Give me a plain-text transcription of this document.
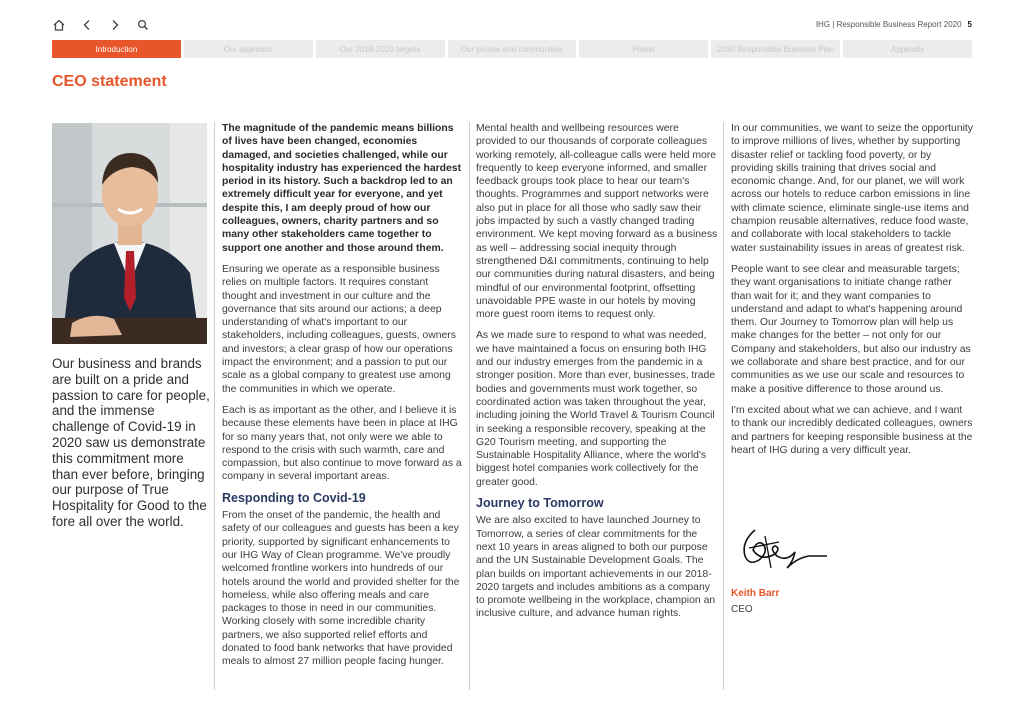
IHG | Responsible Business Report 2020 5
Introduction	Our approach	Our 2018-2020 targets	Our people and communities	Planet	2030 Responsible Business Plan	Appendix
CEO statement

Our business and brands are built on a pride and passion to care for people, and the immense challenge of Covid-19 in 2020 saw us demonstrate this commitment more than ever before, bringing our purpose of True Hospitality for Good to the fore all over the world.

The magnitude of the pandemic means billions of lives have been changed, economies damaged, and societies challenged, while our hospitality industry has experienced the hardest period in its history. Such a backdrop led to an extremely difficult year for everyone, and yet despite this, I am deeply proud of how our colleagues, owners, charity partners and so many other stakeholders came together to support one another and those around them.

Ensuring we operate as a responsible business relies on multiple factors. It requires constant thought and investment in our culture and the governance that sits around our actions; a deep understanding of what's important to our stakeholders, including colleagues, guests, owners and investors; a clear grasp of how our operations impact the environment; and a passion to put our scale as a global company to greatest use among the communities in which we operate.

Each is as important as the other, and I believe it is because these elements have been in place at IHG for so many years that, not only were we able to respond to the crisis with such warmth, care and compassion, but also continue to move forward as a company in several important areas.

Responding to Covid-19

From the onset of the pandemic, the health and safety of our colleagues and guests has been a key priority, supported by significant enhancements to our IHG Way of Clean programme. We've proudly welcomed frontline workers into hundreds of our hotels around the world and provided shelter for the homeless, while also offering meals and care packages to those in need in our communities. Working closely with some incredible charity partners, we also supported relief efforts and donated to food bank networks that have provided meals to almost 27 million people facing hunger.

Mental health and wellbeing resources were provided to our thousands of corporate colleagues working remotely, all-colleague calls were held more frequently to keep everyone informed, and smaller feedback groups took place to hear our team's thoughts. Programmes and support networks were also put in place for all those who sadly saw their jobs impacted by such a vastly changed trading environment. We kept moving forward as a business as well – addressing social inequity through strengthened D&I commitments, continuing to help our communities during natural disasters, and being mindful of our environmental footprint, offsetting unavoidable PPE waste in our hotels by moving more guest room items to request only.

As we made sure to respond to what was needed, we have maintained a focus on ensuring both IHG and our industry emerges from the pandemic in a stronger position. More than ever, businesses, trade bodies and governments must work together, so coordinated action was taken throughout the year, including joining the World Travel & Tourism Council in seeking a responsible recovery, speaking at the G20 Tourism meeting, and supporting the Sustainable Hospitality Alliance, where the world's biggest hotel companies work collectively for the greater good.

Journey to Tomorrow

We are also excited to have launched Journey to Tomorrow, a series of clear commitments for the next 10 years in areas aligned to both our purpose and the UN Sustainable Development Goals. The plan builds on important achievements in our 2018-2020 targets and includes ambitions as a company to promote wellbeing in the workplace, champion an inclusive culture, and advance human rights.

In our communities, we want to seize the opportunity to improve millions of lives, whether by supporting disaster relief or tackling food poverty, or by providing skills training that drives social and economic change. And, for our planet, we will work across our hotels to reduce carbon emissions in line with climate science, eliminate single-use items and champion reusable alternatives, reduce food waste, and collaborate with local stakeholders to tackle water sustainability issues in areas of greatest risk.

People want to see clear and measurable targets; they want organisations to initiate change rather than wait for it; and they want companies to understand and adapt to what's happening around them. Our Journey to Tomorrow plan will help us make changes for the better – not only for our Company and stakeholders, but also our industry as we collaborate and share best practice, and for our communities as we use our scale and resources to make a positive difference to those around us.

I'm excited about what we can achieve, and I want to thank our incredibly dedicated colleagues, owners and partners for keeping responsible business at the heart of IHG during a very difficult year.

Keith Barr

CEO
